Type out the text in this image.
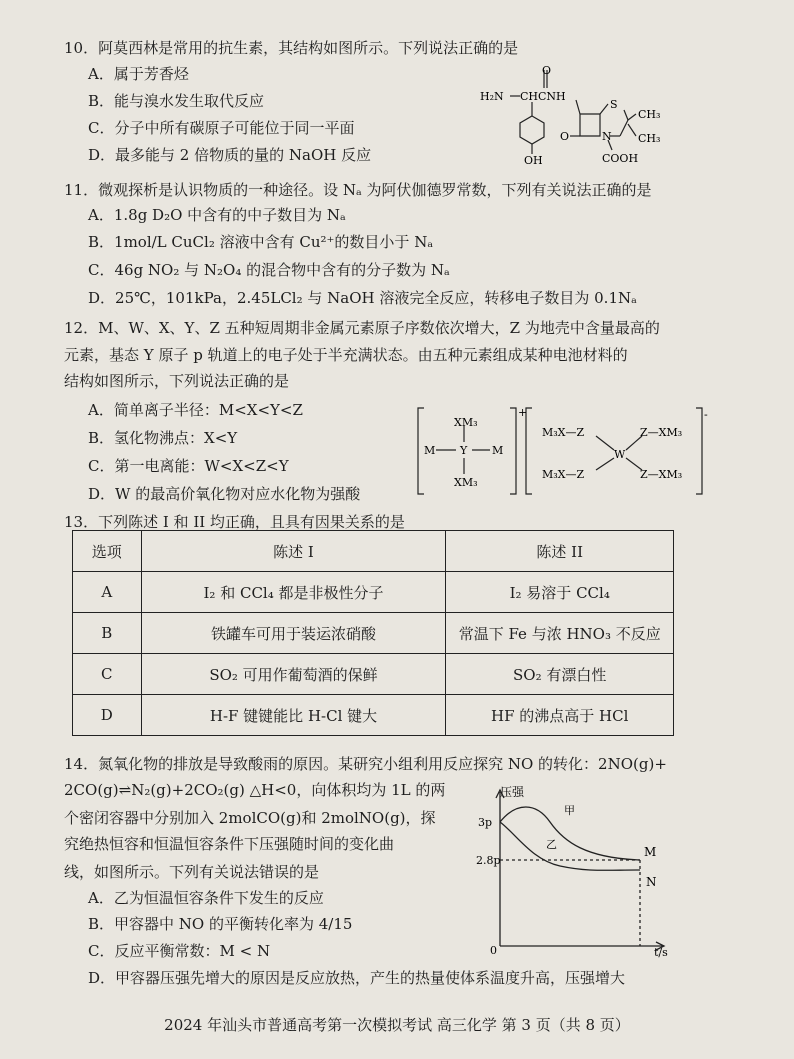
10．阿莫西林是常用的抗生素，其结构如图所示。下列说法正确的是
A．属于芳香烃
B．能与溴水发生取代反应
C．分子中所有碳原子可能位于同一平面
D．最多能与 2 倍物质的量的 NaOH 反应
H₂N CHCNH
O
S
CH₃
CH₃
N
O
COOH
OH
11．微观探析是认识物质的一种途径。设 Nₐ 为阿伏伽德罗常数，下列有关说法正确的是
A．1.8g D₂O 中含有的中子数目为 Nₐ
B．1mol/L CuCl₂ 溶液中含有 Cu²⁺的数目小于 Nₐ
C．46g NO₂ 与 N₂O₄ 的混合物中含有的分子数为 Nₐ
D．25℃，101kPa，2.45LCl₂ 与 NaOH 溶液完全反应，转移电子数目为 0.1Nₐ
12．M、W、X、Y、Z 五种短周期非金属元素原子序数依次增大，Z 为地壳中含量最高的
元素，基态 Y 原子 p 轨道上的电子处于半充满状态。由五种元素组成某种电池材料的
结构如图所示，下列说法正确的是
A．简单离子半径：M<X<Y<Z
B．氢化物沸点：X<Y
C．第一电离能：W<X<Z<Y
D．W 的最高价氧化物对应水化物为强酸
XM₃
M Y M
XM₃
+
M₃X—Z	Z—XM₃
W
M₃X—Z	Z—XM₃
-
13．下列陈述 I 和 II 均正确，且具有因果关系的是
选项	陈述 I	陈述 II
A	I₂ 和 CCl₄ 都是非极性分子	I₂ 易溶于 CCl₄
B	铁罐车可用于装运浓硝酸	常温下 Fe 与浓 HNO₃ 不反应
C	SO₂ 可用作葡萄酒的保鲜	SO₂ 有漂白性
D	H-F 键键能比 H-Cl 键大	HF 的沸点高于 HCl
14．氮氧化物的排放是导致酸雨的原因。某研究小组利用反应探究 NO 的转化：2NO(g)+
2CO(g)⇌N₂(g)+2CO₂(g) △H<0，向体积均为 1L 的两
个密闭容器中分别加入 2molCO(g)和 2molNO(g)，探
究绝热恒容和恒温恒容条件下压强随时间的变化曲
线，如图所示。下列有关说法错误的是
A．乙为恒温恒容条件下发生的反应
B．甲容器中 NO 的平衡转化率为 4/15
C．反应平衡常数：M < N
D．甲容器压强先增大的原因是反应放热，产生的热量使体系温度升高，压强增大
压强
3p
2.8p
0	t/s
甲
乙
M
N
2024 年汕头市普通高考第一次模拟考试 高三化学 第 3 页（共 8 页）
